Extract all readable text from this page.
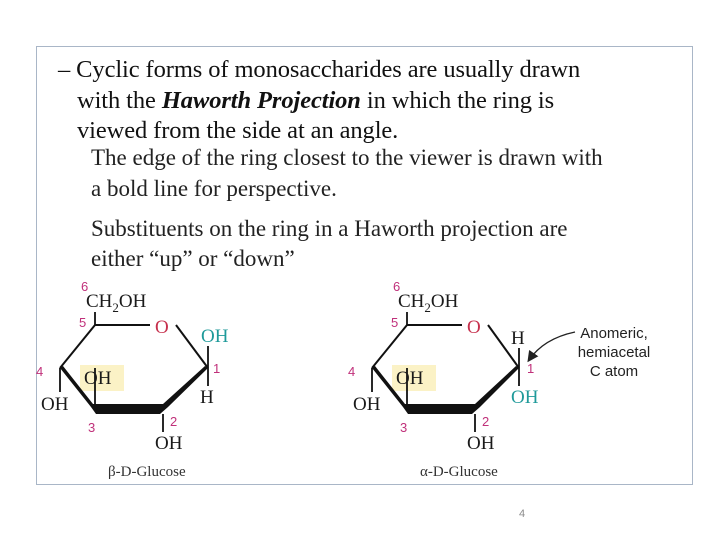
– Cyclic forms of monosaccharides are usually drawn
with the Haworth Projection in which the ring is
viewed from the side at an angle.
The edge of the ring closest to the viewer is drawn with
a bold line for perspective.
Substituents on the ring in a Haworth projection are
either “up” or “down”
6
5
4
3	2
1
$CH_2OH$
O OH
H
OH
OH
OH
β-D-Glucose
6
5
4
3	2
1
$CH_2OH$
O
H
OH
OH
OH
OH
α-D-Glucose
Anomeric,
hemiacetal
C atom
4
